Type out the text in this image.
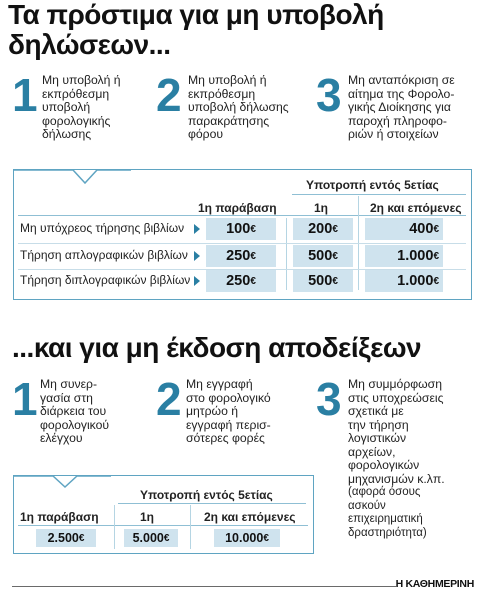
Τα πρόστιμα για μη υποβολή
δηλώσεων...
1 Μη υποβολή ή
εκπρόθεσμη
υποβολή
φορολογικής
δήλωσης
2 Μη υποβολή ή
εκπρόθεσμη
υποβολή δήλωσης
παρακράτησης
φόρου
3 Μη ανταπόκριση σε
αίτημα της Φορολο-
γικής Διοίκησης για
παροχή πληροφο-
ριών ή στοιχείων
Υποτροπή εντός 5ετίας
1η παράβαση	1η	2η και επόμενες
Μη υπόχρεος τήρησης βιβλίων	100 €	200 €	400 €
Τήρηση απλογραφικών βιβλίων	250 €	500 €	1.000 €
Τήρηση διπλογραφικών βιβλίων 250 €	500 €	1.000 €
...και για μη έκδοση αποδείξεων
1 Μη συνερ-
γασία στη
διάρκεια του
φορολογικού
ελέγχου
2 Μη εγγραφή
στο φορολογικό
μητρώο ή
εγγραφή περισ-
σότερες φορές
3 Μη συμμόρφωση
στις υποχρεώσεις
σχετικά με
την τήρηση
λογιστικών
αρχείων,
φορολογικών
μηχανισμών κ.λπ.
(αφορά όσους
ασκούν
επιχειρηματική
δραστηριότητα)
Υποτροπή εντός 5ετίας
1η παράβαση	1η	2η και επόμενες
2.500 €	5.000 €	10.000 €
Η ΚΑΘΗΜΕΡΙΝΗ
